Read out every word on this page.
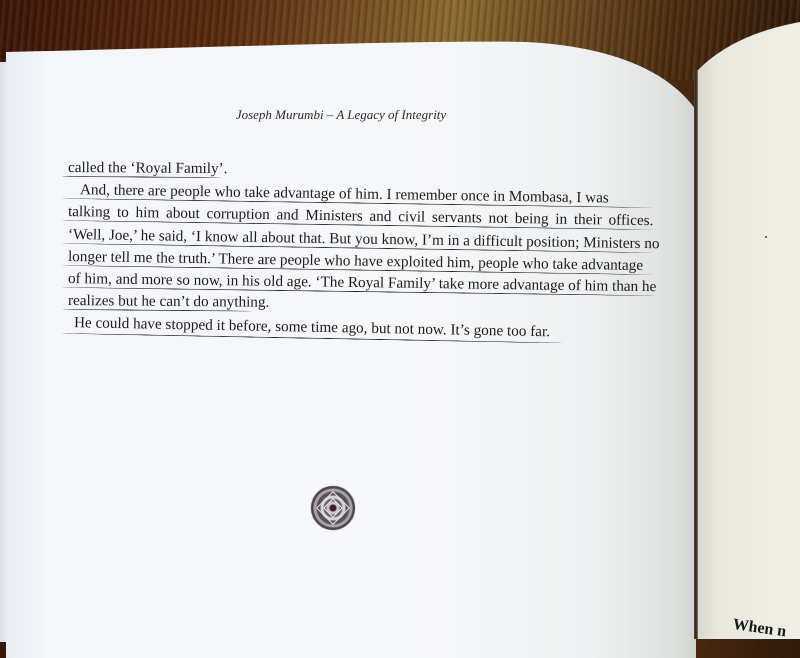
Joseph Murumbi – A Legacy of Integrity
called the ‘Royal Family’.
And, there are people who take advantage of him. I remember once in Mombasa, I was
talking to him about corruption and Ministers and civil servants not being in their offices.
‘Well, Joe,’ he said, ‘I know all about that. But you know, I’m in a difficult position; Ministers no
longer tell me the truth.’ There are people who have exploited him, people who take advantage
of him, and more so now, in his old age. ‘The Royal Family’ take more advantage of him than he
realizes but he can’t do anything.
He could have stopped it before, some time ago, but not now. It’s gone too far.
When n
